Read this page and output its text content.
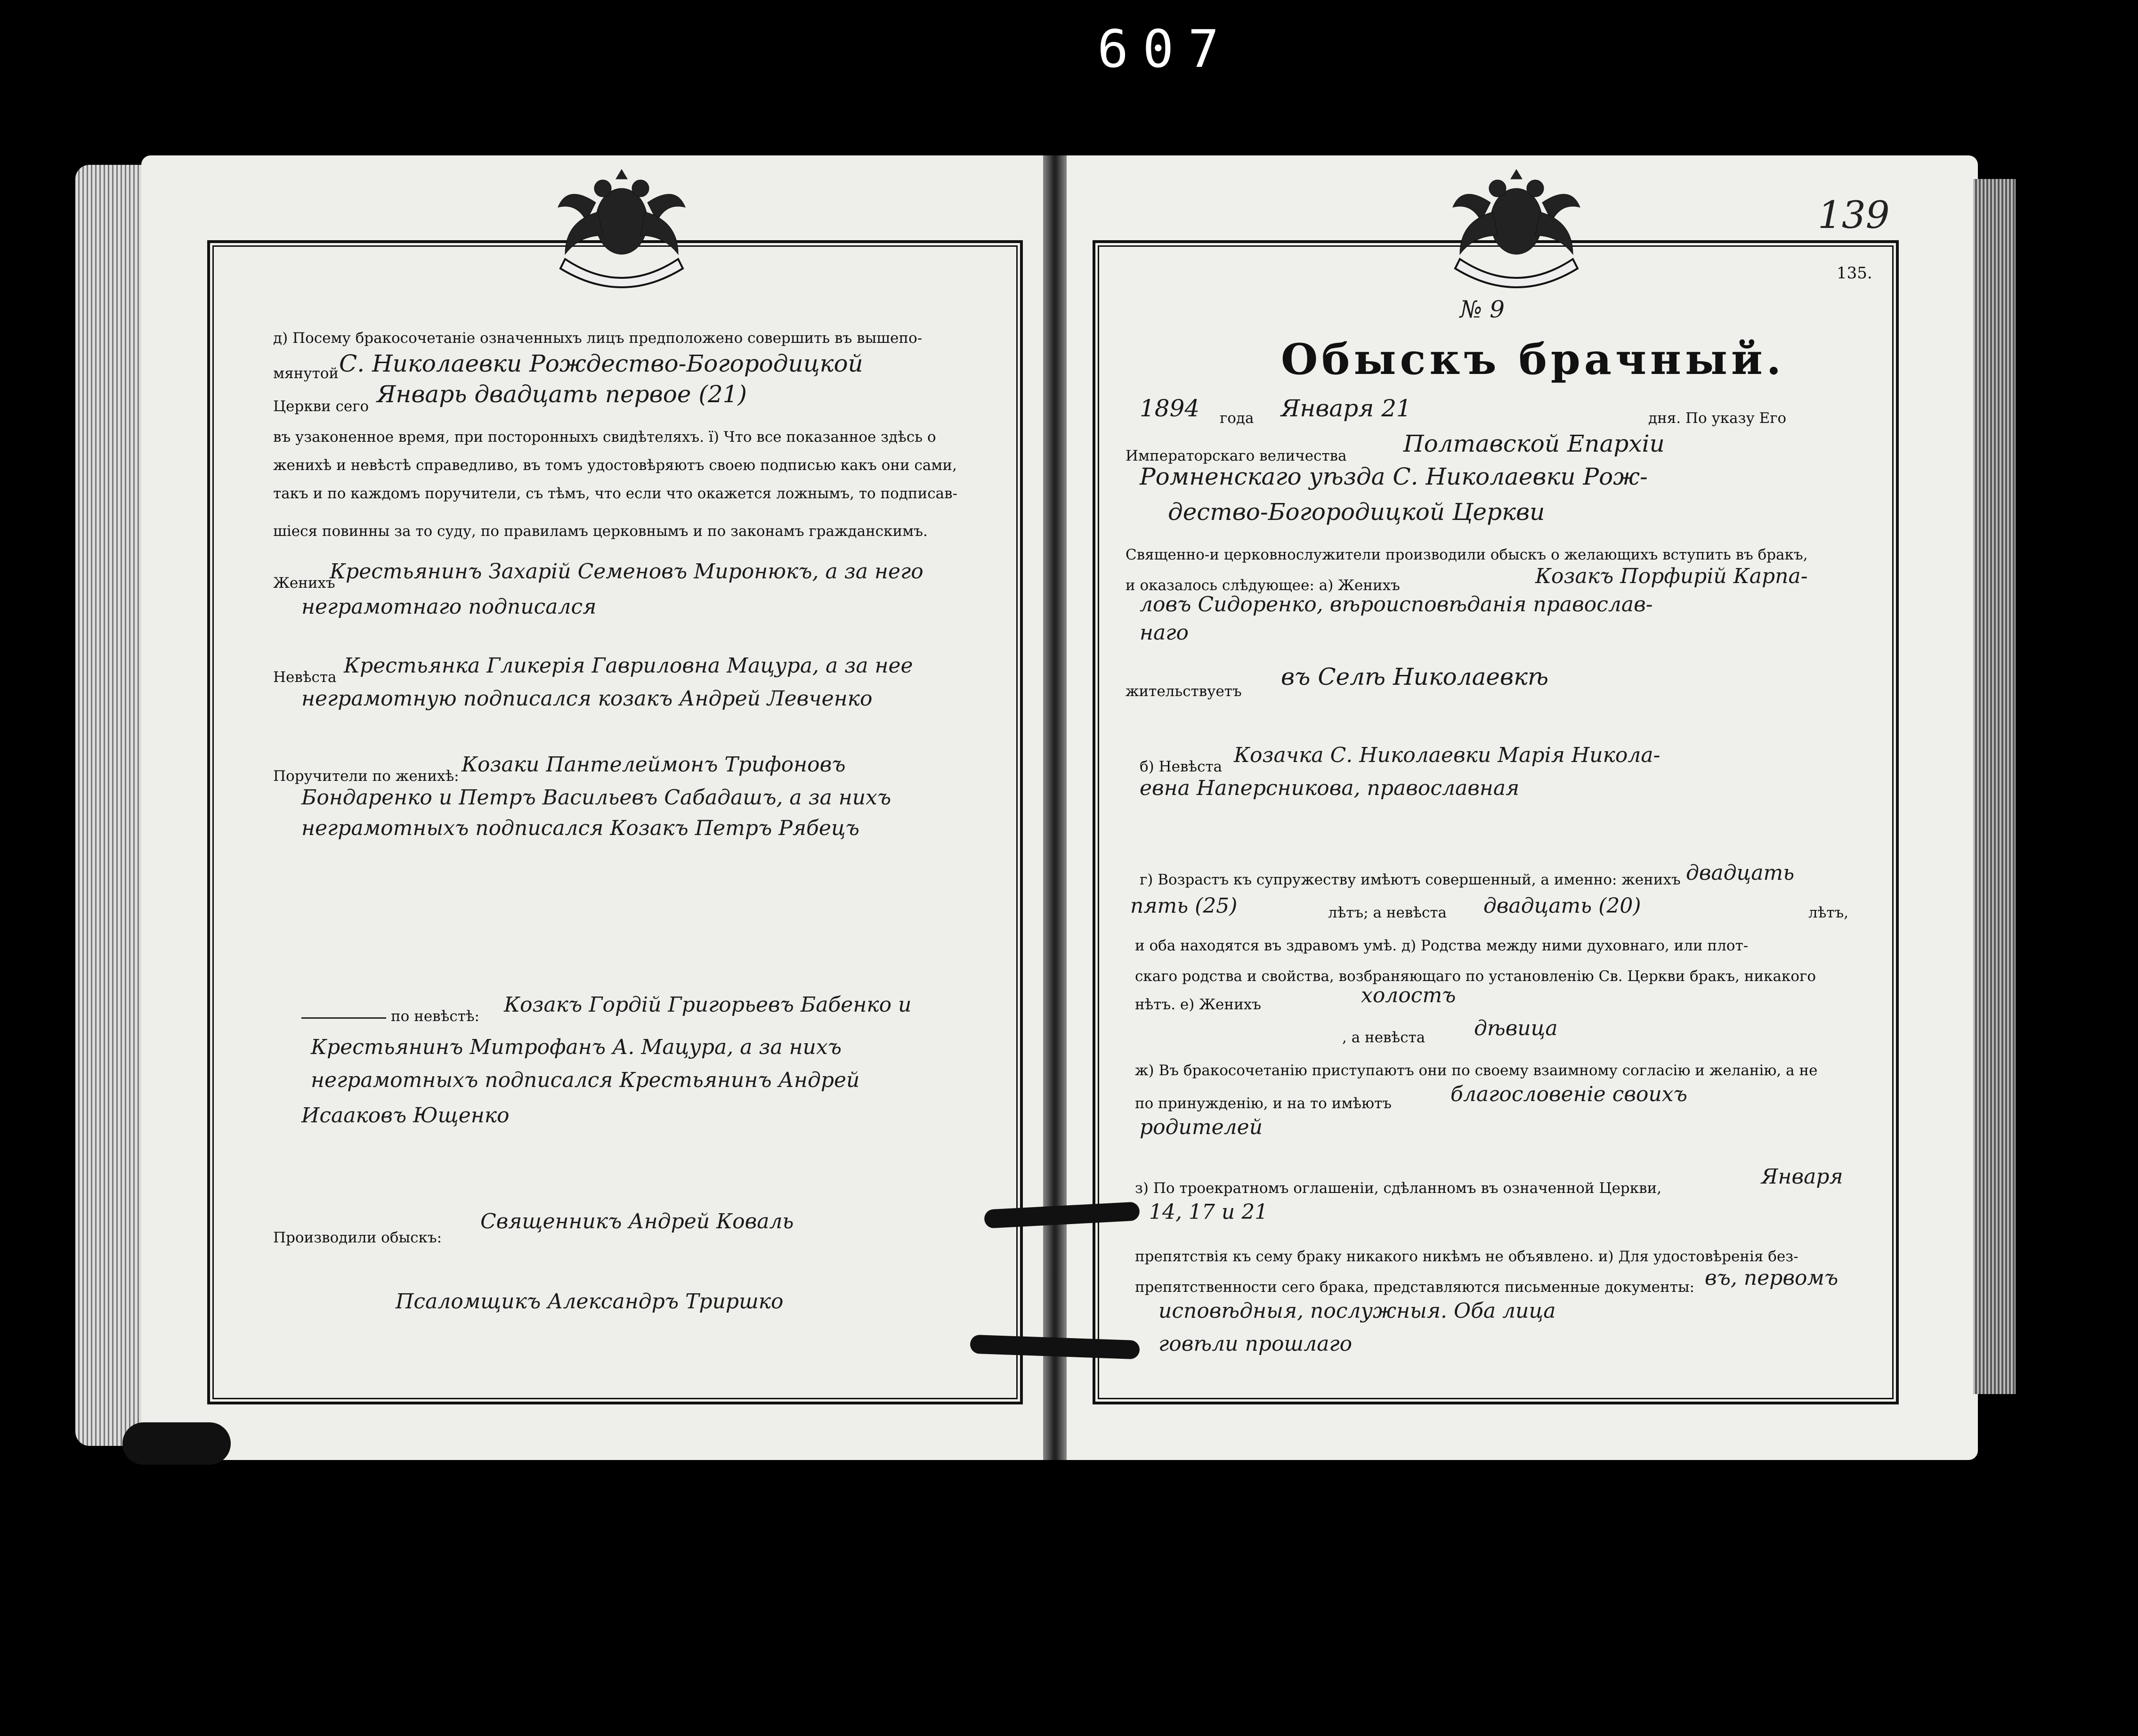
607
д) Посему бракосочетанiе означенныхъ лицъ предположено совершить въ вышепо-
мянутой С. Николаевки Рождество-Богородицкой
Церкви сего Январь двадцать первое (21)
въ узаконенное время, при посторонныхъ свидѣтеляхъ. ї) Что все показанное здѣсь о
женихѣ и невѣстѣ справедливо, въ томъ удостовѣряютъ своею подписью какъ они сами,
такъ и по каждомъ поручители, съ тѣмъ, что если что окажется ложнымъ, то подписав-
шiеся повинны за то суду, по правиламъ церковнымъ и по законамъ гражданскимъ.
Женихъ
Крестьянинъ Захарiй Семеновъ Миронюкъ, а за него
неграмотнаго подписался
Невѣста Крестьянка Гликерiя Гавриловна Мацура, а за нее
неграмотную подписался козакъ Андрей Левченко
Поручители по женихѣ: Козаки Пантелеймонъ Трифоновъ
Бондаренко и Петръ Васильевъ Сабадашъ, а за нихъ
неграмотныхъ подписался Козакъ Петръ Рябецъ
по невѣстѣ: Козакъ Гордiй Григорьевъ Бабенко и
Крестьянинъ Митрофанъ А. Мацура, а за нихъ
неграмотныхъ подписался Крестьянинъ Андрей
Исааковъ Ющенко
Производили обыскъ:
Священникъ Андрей Коваль
Псаломщикъ Александръ Триршко
139
135.
№ 9
Обыскъ брачный.
1894 года Января 21	дня. По указу Его
Императорскаго величества Полтавской Епархiи
Ромненскаго уѣзда С. Николаевки Рож-
дество-Богородицкой Церкви
Священно-и церковнослужители производили обыскъ о желающихъ вступить въ бракъ,
и оказалось слѣдующее: а) Женихъ	Козакъ Порфирiй Карпа-
ловъ Сидоренко, вѣроисповѣданiя православ-
наго
жительствуетъ
въ Селѣ Николаевкѣ
б) Невѣста Козачка С. Николаевки Марiя Никола-
евна Наперсникова, православная
г) Возрастъ къ супружеству имѣютъ совершенный, а именно: женихъ двадцать
пять (25)	лѣтъ; а невѣста двадцать (20)	лѣтъ,
и оба находятся въ здравомъ умѣ. д) Родства между ними духовнаго, или плот-
скаго родства и свойства, возбраняющаго по установленiю Св. Церкви бракъ, никакого
нѣтъ. е) Женихъ	холостъ
, а невѣста дѣвица
ж) Въ бракосочетанiю приступаютъ они по своему взаимному согласiю и желанiю, а не
по принужденiю, и на то имѣютъ	благословенiе своихъ
родителей
з) По троекратномъ оглашенiи, сдѣланномъ въ означенной Церкви,	Января
14, 17 и 21
препятствiя къ сему браку никакого никѣмъ не объявлено. и) Для удостовѣренiя без-
препятственности сего брака, представляются письменные документы: въ, первомъ
исповѣдныя, послужныя. Оба лица
говѣли прошлаго
